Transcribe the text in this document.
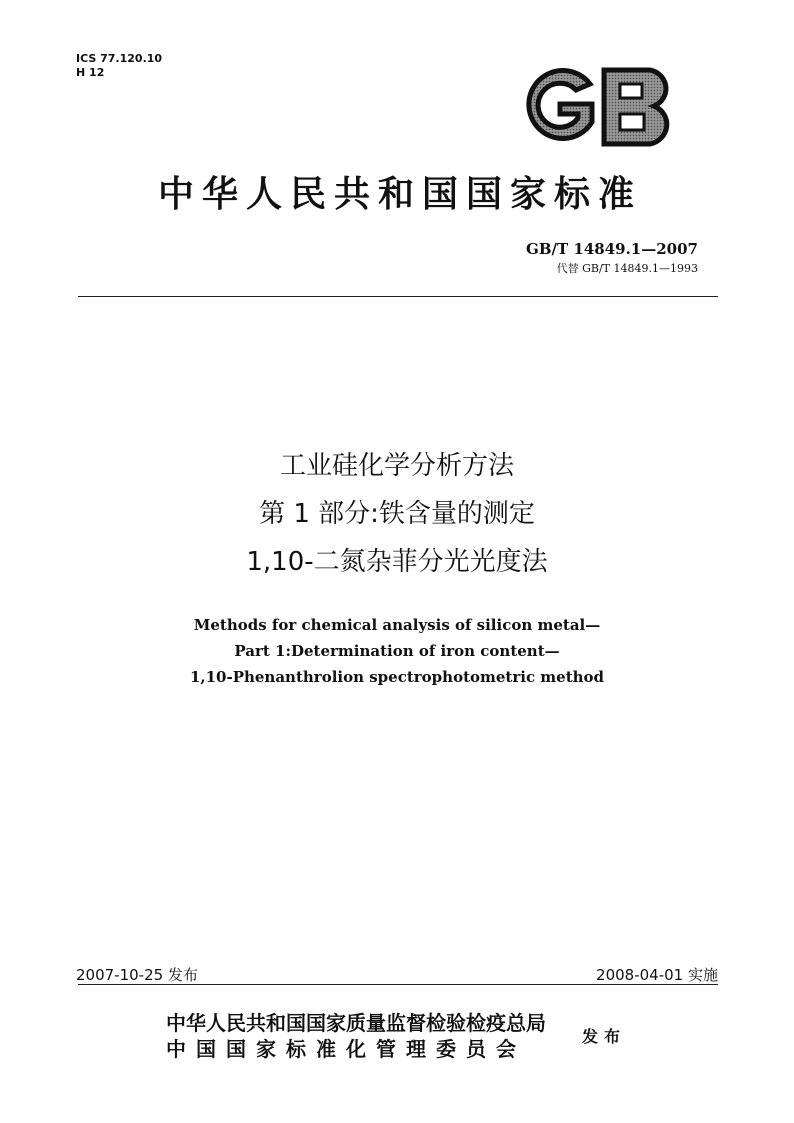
ICS 77.120.10
H 12
中华人民共和国国家标准
GB/T 14849.1—2007
代替 GB/T 14849.1—1993
工业硅化学分析方法
第 1 部分:铁含量的测定
1,10-二氮杂菲分光光度法
Methods for chemical analysis of silicon metal—
Part 1:Determination of iron content—
1,10-Phenanthrolion spectrophotometric method
2007-10-25 发布	2008-04-01 实施
中华人民共和国国家质量监督检验检疫总局
中国国家标准化管理委员会
发布
